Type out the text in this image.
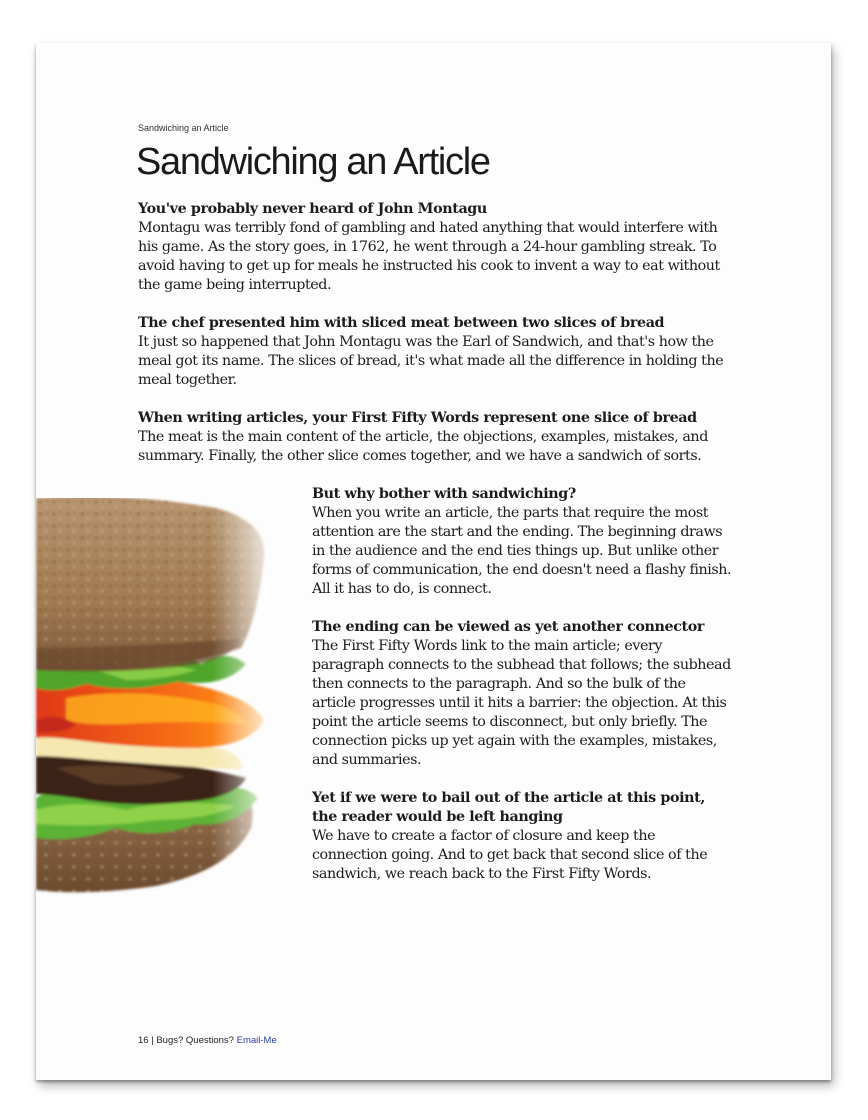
Sandwiching an Article
Sandwiching an Article
You've probably never heard of John Montagu

Montagu was terribly fond of gambling and hated anything that would interfere with his game. As the story goes, in 1762, he went through a 24-hour gambling streak. To avoid having to get up for meals he instructed his cook to invent a way to eat without the game being interrupted.

The chef presented him with sliced meat between two slices of bread

It just so happened that John Montagu was the Earl of Sandwich, and that's how the meal got its name. The slices of bread, it's what made all the difference in holding the meal together.

When writing articles, your First Fifty Words represent one slice of bread

The meat is the main content of the article, the objections, examples, mistakes, and summary. Finally, the other slice comes together, and we have a sandwich of sorts.

But why bother with sandwiching?

When you write an article, the parts that require the most attention are the start and the ending. The beginning draws in the audience and the end ties things up. But unlike other forms of communication, the end doesn't need a flashy finish. All it has to do, is connect.

The ending can be viewed as yet another connector

The First Fifty Words link to the main article; every paragraph connects to the subhead that follows; the subhead then connects to the paragraph. And so the bulk of the article progresses until it hits a barrier: the objection. At this point the article seems to disconnect, but only briefly. The connection picks up yet again with the examples, mistakes, and summaries.

Yet if we were to bail out of the article at this point, the reader would be left hanging

We have to create a factor of closure and keep the connection going. And to get back that second slice of the sandwich, we reach back to the First Fifty Words.

16 | Bugs? Questions? Email-Me
